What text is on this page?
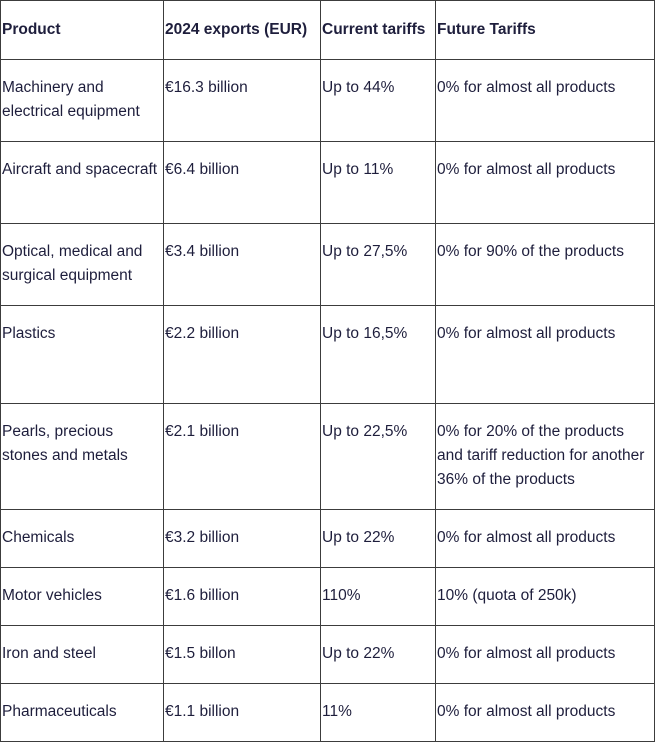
Product	2024 exports (EUR)	Current tariffs	Future Tariffs

Machinery and electrical equipment	€16.3 billion	Up to 44%	0% for almost all products

Aircraft and spacecraft	€6.4 billion	Up to 11%	0% for almost all products

Optical, medical and surgical equipment	€3.4 billion	Up to 27,5%	0% for 90% of the products

Plastics	€2.2 billion	Up to 16,5%	0% for almost all products

Pearls, precious stones and metals	€2.1 billion	Up to 22,5%	0% for 20% of the products and tariff reduction for another 36% of the products

Chemicals	€3.2 billion	Up to 22%	0% for almost all products

Motor vehicles	€1.6 billion	110%	10% (quota of 250k)

Iron and steel	€1.5 billon	Up to 22%	0% for almost all products

Pharmaceuticals	€1.1 billion	11%	0% for almost all products
